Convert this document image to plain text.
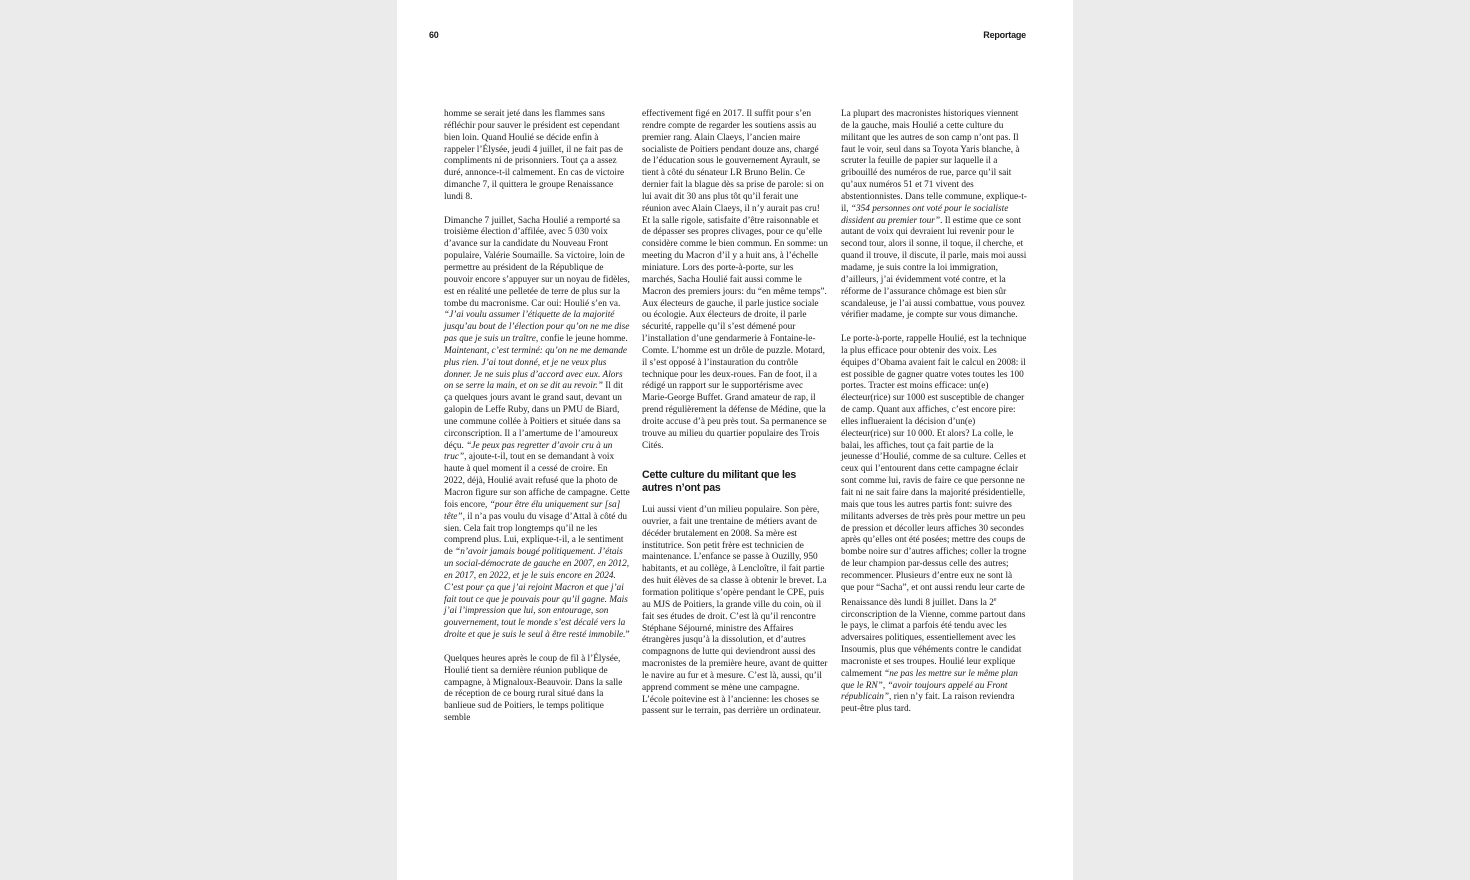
60	Reportage

homme se serait jeté dans les flammes sans réfléchir pour sauver le président est cependant bien loin. Quand Houlié se décide enfin à rappeler l’Élysée, jeudi 4 juillet, il ne fait pas de compliments ni de prisonniers. Tout ça a assez duré, annonce-t-il calmement. En cas de victoire dimanche 7, il quittera le groupe Renaissance lundi 8.

Dimanche 7 juillet, Sacha Houlié a remporté sa troisième élection d’affilée, avec 5 030 voix d’avance sur la candidate du Nouveau Front populaire, Valérie Soumaille. Sa victoire, loin de permettre au président de la République de pouvoir encore s’appuyer sur un noyau de fidèles, est en réalité une pelletée de terre de plus sur la tombe du macronisme. Car oui: Houlié s’en va. “J’ai voulu assumer l’étiquette de la majorité jusqu’au bout de l’élection pour qu’on ne me dise pas que je suis un traître, confie le jeune homme. Maintenant, c’est terminé: qu’on ne me demande plus rien. J’ai tout donné, et je ne veux plus donner. Je ne suis plus d’accord avec eux. Alors on se serre la main, et on se dit au revoir.” Il dit ça quelques jours avant le grand saut, devant un galopin de Leffe Ruby, dans un PMU de Biard, une commune collée à Poitiers et située dans sa circonscription. Il a l’amertume de l’amoureux déçu. “Je peux pas regretter d’avoir cru à un truc”, ajoute-t-il, tout en se demandant à voix haute à quel moment il a cessé de croire. En 2022, déjà, Houlié avait refusé que la photo de Macron figure sur son affiche de campagne. Cette fois encore, “pour être élu uniquement sur [sa] tête”, il n’a pas voulu du visage d’Attal à côté du sien. Cela fait trop longtemps qu’il ne les comprend plus. Lui, explique-t-il, a le sentiment de “n’avoir jamais bougé politiquement. J’étais un social-démocrate de gauche en 2007, en 2012, en 2017, en 2022, et je le suis encore en 2024. C’est pour ça que j’ai rejoint Macron et que j’ai fait tout ce que je pouvais pour qu’il gagne. Mais j’ai l’impression que lui, son entourage, son gouvernement, tout le monde s’est décalé vers la droite et que je suis le seul à être resté immobile.”

Quelques heures après le coup de fil à l’Élysée, Houlié tient sa dernière réunion publique de campagne, à Mignaloux-Beauvoir. Dans la salle de réception de ce bourg rural situé dans la banlieue sud de Poitiers, le temps politique semble

effectivement figé en 2017. Il suffit pour s’en rendre compte de regarder les soutiens assis au premier rang. Alain Claeys, l’ancien maire socialiste de Poitiers pendant douze ans, chargé de l’éducation sous le gouvernement Ayrault, se tient à côté du sénateur LR Bruno Belin. Ce dernier fait la blague dès sa prise de parole: si on lui avait dit 30 ans plus tôt qu’il ferait une réunion avec Alain Claeys, il n’y aurait pas cru! Et la salle rigole, satisfaite d’être raisonnable et de dépasser ses propres clivages, pour ce qu’elle considère comme le bien commun. En somme: un meeting du Macron d’il y a huit ans, à l’échelle miniature. Lors des porte-à-porte, sur les marchés, Sacha Houlié fait aussi comme le Macron des premiers jours: du “en même temps”. Aux électeurs de gauche, il parle justice sociale ou écologie. Aux électeurs de droite, il parle sécurité, rappelle qu’il s’est démené pour l’installation d’une gendarmerie à Fontaine-le-Comte. L’homme est un drôle de puzzle. Motard, il s’est opposé à l’instauration du contrôle technique pour les deux-roues. Fan de foot, il a rédigé un rapport sur le supportérisme avec Marie-George Buffet. Grand amateur de rap, il prend régulièrement la défense de Médine, que la droite accuse d’à peu près tout. Sa permanence se trouve au milieu du quartier populaire des Trois Cités.

Cette culture du militant que les autres n’ont pas

Lui aussi vient d’un milieu populaire. Son père, ouvrier, a fait une trentaine de métiers avant de décéder brutalement en 2008. Sa mère est institutrice. Son petit frère est technicien de maintenance. L’enfance se passe à Ouzilly, 950 habitants, et au collège, à Lencloître, il fait partie des huit élèves de sa classe à obtenir le brevet. La formation politique s’opère pendant le CPE, puis au MJS de Poitiers, la grande ville du coin, où il fait ses études de droit. C’est là qu’il rencontre Stéphane Séjourné, ministre des Affaires étrangères jusqu’à la dissolution, et d’autres compagnons de lutte qui deviendront aussi des macronistes de la première heure, avant de quitter le navire au fur et à mesure. C’est là, aussi, qu’il apprend comment se mène une campagne. L’école poitevine est à l’ancienne: les choses se passent sur le terrain, pas derrière un ordinateur.

La plupart des macronistes historiques viennent de la gauche, mais Houlié a cette culture du militant que les autres de son camp n’ont pas. Il faut le voir, seul dans sa Toyota Yaris blanche, à scruter la feuille de papier sur laquelle il a gribouillé des numéros de rue, parce qu’il sait qu’aux numéros 51 et 71 vivent des abstentionnistes. Dans telle commune, explique-t-il, “354 personnes ont voté pour le socialiste dissident au premier tour”. Il estime que ce sont autant de voix qui devraient lui revenir pour le second tour, alors il sonne, il toque, il cherche, et quand il trouve, il discute, il parle, mais moi aussi madame, je suis contre la loi immigration, d’ailleurs, j’ai évidemment voté contre, et la réforme de l’assurance chômage est bien sûr scandaleuse, je l’ai aussi combattue, vous pouvez vérifier madame, je compte sur vous dimanche.

Le porte-à-porte, rappelle Houlié, est la technique la plus efficace pour obtenir des voix. Les équipes d’Obama avaient fait le calcul en 2008: il est possible de gagner quatre votes toutes les 100 portes. Tracter est moins efficace: un(e) électeur(rice) sur 1000 est susceptible de changer de camp. Quant aux affiches, c’est encore pire: elles influeraient la décision d’un(e) électeur(rice) sur 10 000. Et alors? La colle, le balai, les affiches, tout ça fait partie de la jeunesse d’Houlié, comme de sa culture. Celles et ceux qui l’entourent dans cette campagne éclair sont comme lui, ravis de faire ce que personne ne fait ni ne sait faire dans la majorité présidentielle, mais que tous les autres partis font: suivre des militants adverses de très près pour mettre un peu de pression et décoller leurs affiches 30 secondes après qu’elles ont été posées; mettre des coups de bombe noire sur d’autres affiches; coller la trogne de leur champion par-dessus celle des autres; recommencer. Plusieurs d’entre eux ne sont là que pour “Sacha”, et ont aussi rendu leur carte de Renaissance dès lundi 8 juillet. Dans la 2e circonscription de la Vienne, comme partout dans le pays, le climat a parfois été tendu avec les adversaires politiques, essentiellement avec les Insoumis, plus que véhéments contre le candidat macroniste et ses troupes. Houlié leur explique calmement “ne pas les mettre sur le même plan que le RN”, “avoir toujours appelé au Front républicain”, rien n’y fait. La raison reviendra peut-être plus tard.
